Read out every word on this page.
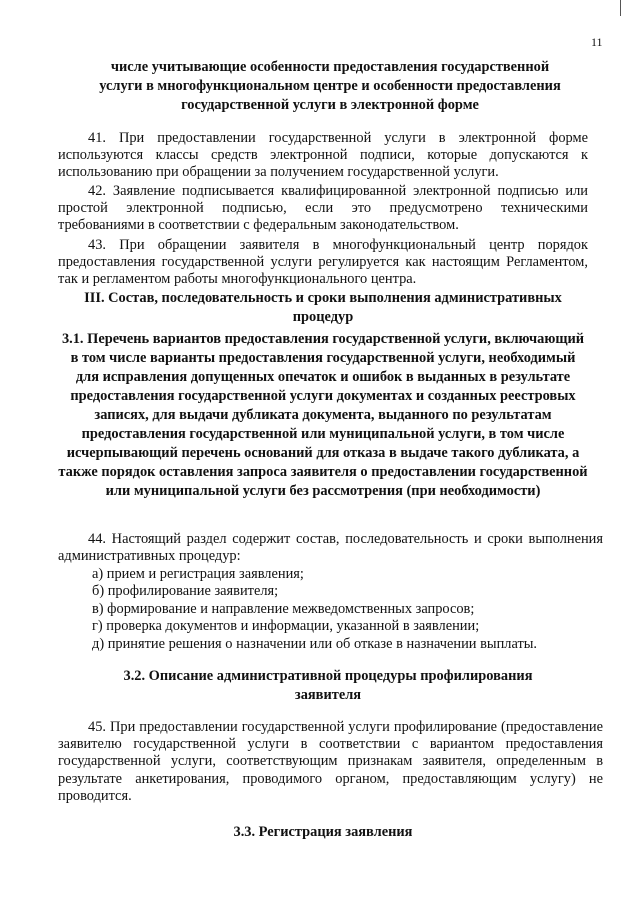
11

числе учитывающие особенности предоставления государственной услуги в многофункциональном центре и особенности предоставления государственной услуги в электронной форме

41. При предоставлении государственной услуги в электронной форме используются классы средств электронной подписи, которые допускаются к использованию при обращении за получением государственной услуги.

42. Заявление подписывается квалифицированной электронной подписью или простой электронной подписью, если это предусмотрено техническими требованиями в соответствии с федеральным законодательством.

43. При обращении заявителя в многофункциональный центр порядок предоставления государственной услуги регулируется как настоящим Регламентом, так и регламентом работы многофункционального центра.

III. Состав, последовательность и сроки выполнения административных процедур

3.1. Перечень вариантов предоставления государственной услуги, включающий в том числе варианты предоставления государственной услуги, необходимый для исправления допущенных опечаток и ошибок в выданных в результате предоставления государственной услуги документах и созданных реестровых записях, для выдачи дубликата документа, выданного по результатам предоставления государственной или муниципальной услуги, в том числе исчерпывающий перечень оснований для отказа в выдаче такого дубликата, а также порядок оставления запроса заявителя о предоставлении государственной или муниципальной услуги без рассмотрения (при необходимости)

44. Настоящий раздел содержит состав, последовательность и сроки выполнения административных процедур:

а) прием и регистрация заявления;
б) профилирование заявителя;
в) формирование и направление межведомственных запросов;
г) проверка документов и информации, указанной в заявлении;
д) принятие решения о назначении или об отказе в назначении выплаты.

3.2. Описание административной процедуры профилирования заявителя

45. При предоставлении государственной услуги профилирование (предоставление заявителю государственной услуги в соответствии с вариантом предоставления государственной услуги, соответствующим признакам заявителя, определенным в результате анкетирования, проводимого органом, предоставляющим услугу) не проводится.

3.3. Регистрация заявления
